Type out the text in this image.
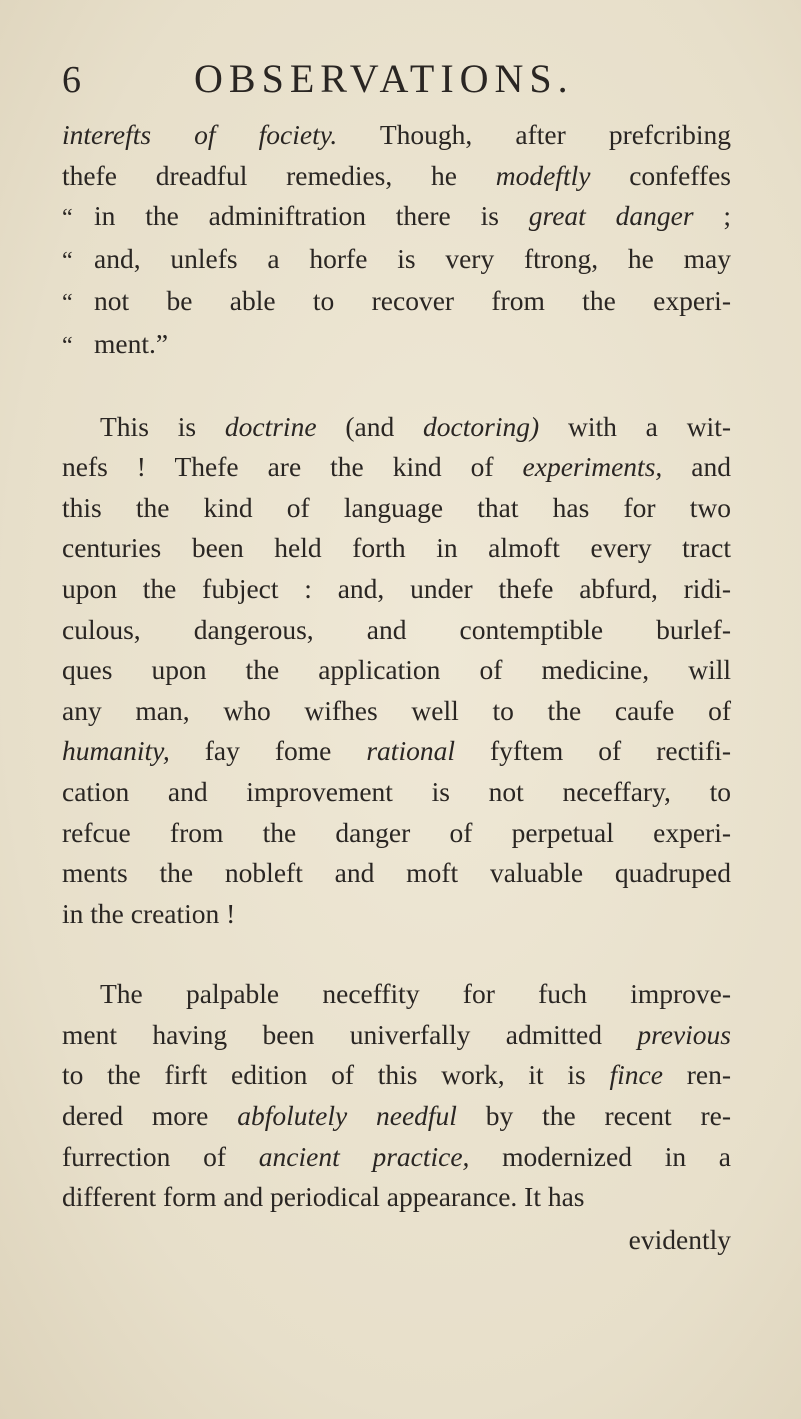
6	OBSERVATIONS.

interefts of fociety. Though, after prefcribing
thefe dreadful remedies, he modeftly confeffes
“in the adminiftration there is great danger ;
“and, unlefs a horfe is very ftrong, he may
“not be able to recover from the experi-
“ment.”

This is doctrine (and doctoring) with a wit-
nefs ! Thefe are the kind of experiments, and
this the kind of language that has for two
centuries been held forth in almoft every tract
upon the fubject : and, under thefe abfurd, ridi-
culous, dangerous, and contemptible burlef-
ques upon the application of medicine, will
any man, who wifhes well to the caufe of
humanity, fay fome rational fyftem of rectifi-
cation and improvement is not neceffary, to
refcue from the danger of perpetual experi-
ments the nobleft and moft valuable quadruped
in the creation !

The palpable neceffity for fuch improve-
ment having been univerfally admitted previous
to the firft edition of this work, it is fince ren-
dered more abfolutely needful by the recent re-
furrection of ancient practice, modernized in a
different form and periodical appearance. It has

evidently
